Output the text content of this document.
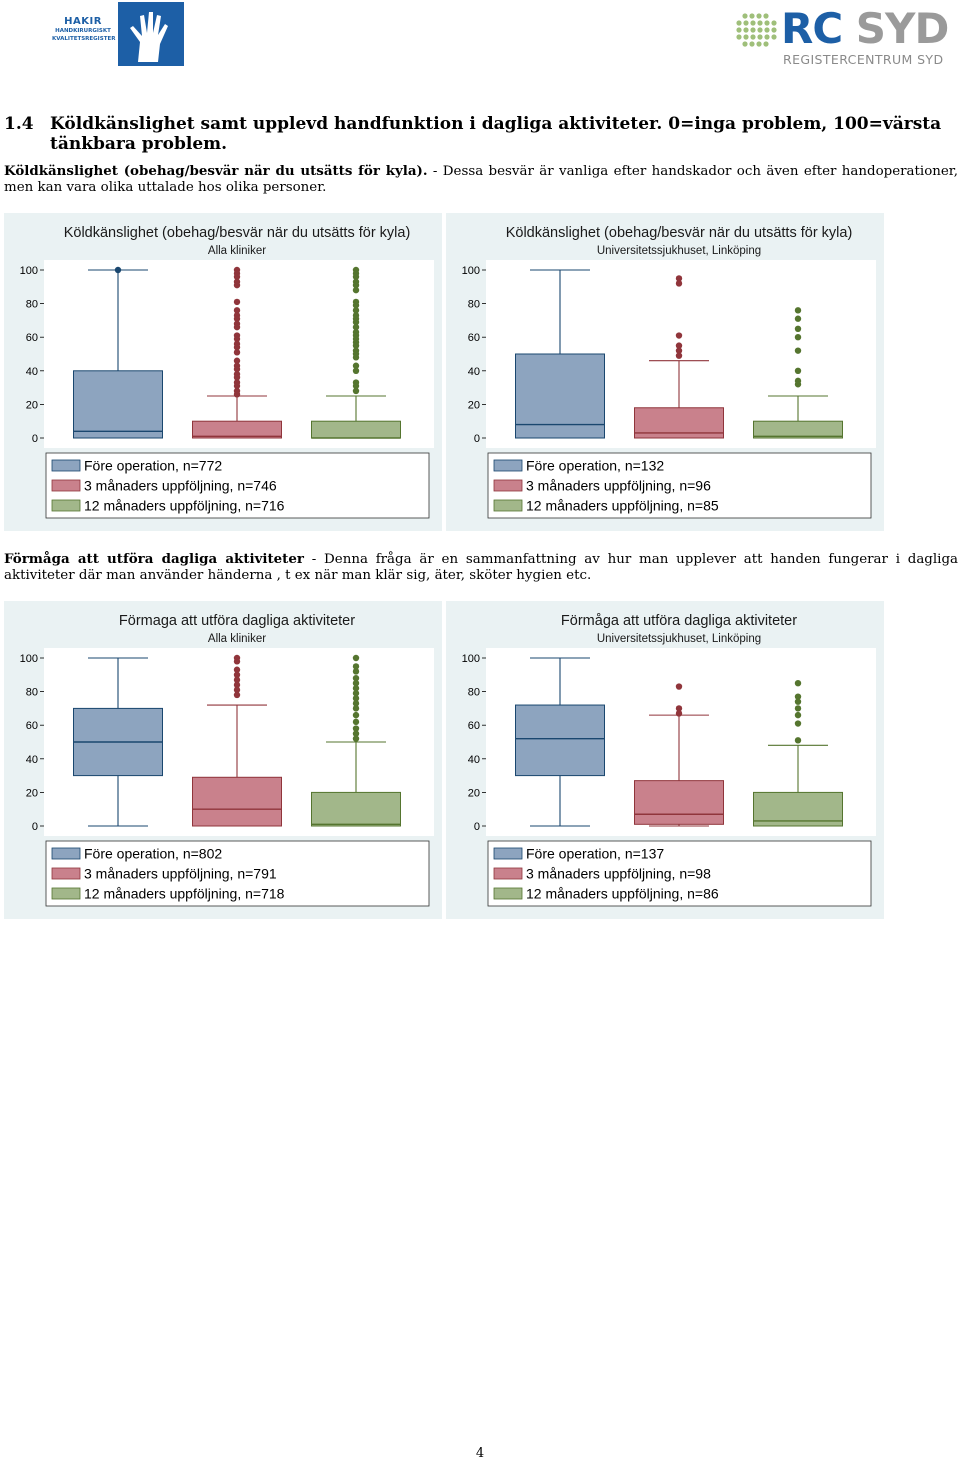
HAKIR
HANDKIRURGISKT
KVALITETSREGISTER	RC SYD
REGISTERCENTRUM SYD
1.4 Köldkänslighet samt upplevd handfunktion i dagliga aktiviteter. 0=inga problem, 100=värsta tänkbara problem.
Köldkänslighet (obehag/besvär när du utsätts för kyla). - Dessa besvär är vanliga efter handskador och även efter handoperationer, men kan vara olika uttalade hos olika personer.
Förmåga att utföra dagliga aktiviteter - Denna fråga är en sammanfattning av hur man upplever att handen fungerar i dagliga aktiviteter där man använder händerna , t ex när man klär sig, äter, sköter hygien etc.
Köldkänslighet (obehag/besvär när du utsätts för kyla)
Alla kliniker
0
20
40
60
80
100
Före operation, n=772
3 månaders uppföljning, n=746
12 månaders uppföljning, n=716
Köldkänslighet (obehag/besvär när du utsätts för kyla)
Universitetssjukhuset, Linköping
0
20
40
60
80
100
Före operation, n=132
3 månaders uppföljning, n=96
12 månaders uppföljning, n=85
Förmaga att utföra dagliga aktiviteter
Alla kliniker
0
20
40
60
80
100
Före operation, n=802
3 månaders uppföljning, n=791
12 månaders uppföljning, n=718
Förmåga att utföra dagliga aktiviteter
Universitetssjukhuset, Linköping
0
20
40
60
80
100
Före operation, n=137
3 månaders uppföljning, n=98
12 månaders uppföljning, n=86
4
